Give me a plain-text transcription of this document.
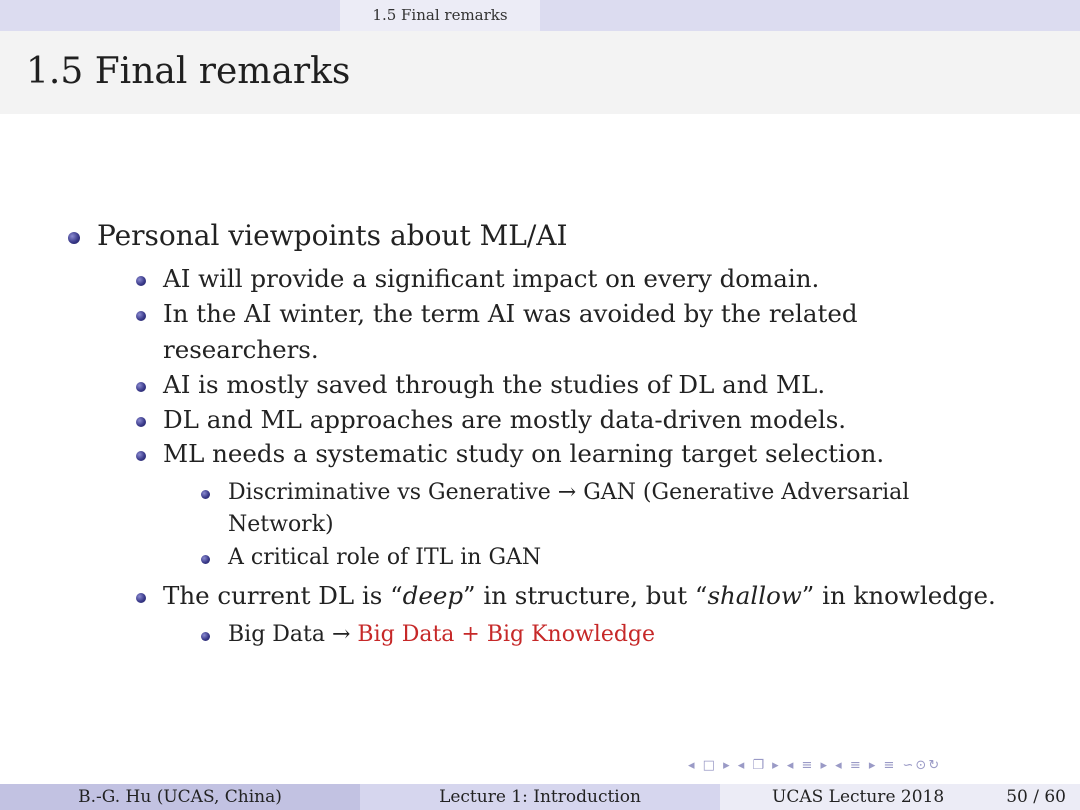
1.5 Final remarks
1.5 Final remarks
Personal viewpoints about ML/AI
AI will provide a significant impact on every domain.
In the AI winter, the term AI was avoided by the related
researchers.
AI is mostly saved through the studies of DL and ML.
DL and ML approaches are mostly data-driven models.
ML needs a systematic study on learning target selection.
Discriminative vs Generative → GAN (Generative Adversarial
Network)
A critical role of ITL in GAN
The current DL is “deep” in structure, but “shallow” in knowledge.
Big Data → Big Data + Big Knowledge
◂ □ ▸ ◂ ❐ ▸ ◂ ≡ ▸ ◂ ≡ ▸ ≡ ∽⊙↻
B.-G. Hu (UCAS, China)	Lecture 1: Introduction	UCAS Lecture 2018	50 / 60
